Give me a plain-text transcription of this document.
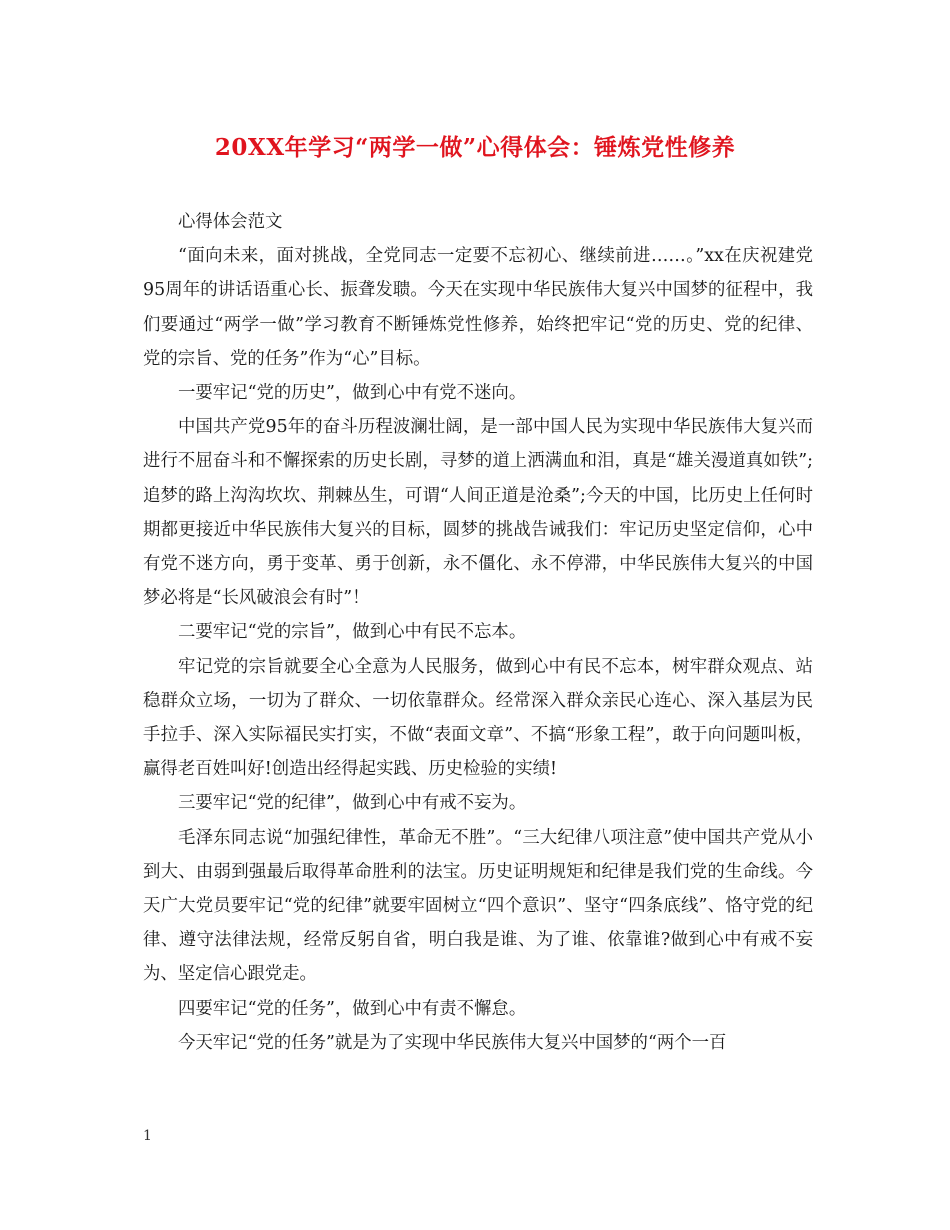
20XX年学习“两学一做”心得体会：锤炼党性修养

心得体会范文

“面向未来，面对挑战，全党同志一定要不忘初心、继续前进……。”xx在庆祝建党95周年的讲话语重心长、振聋发聩。今天在实现中华民族伟大复兴中国梦的征程中，我们要通过“两学一做”学习教育不断锤炼党性修养，始终把牢记“党的历史、党的纪律、党的宗旨、党的任务”作为“心”目标。

一要牢记“党的历史”，做到心中有党不迷向。

中国共产党95年的奋斗历程波澜壮阔，是一部中国人民为实现中华民族伟大复兴而进行不屈奋斗和不懈探索的历史长剧，寻梦的道上洒满血和泪，真是“雄关漫道真如铁”;追梦的路上沟沟坎坎、荆棘丛生，可谓“人间正道是沧桑”;今天的中国，比历史上任何时期都更接近中华民族伟大复兴的目标，圆梦的挑战告诫我们：牢记历史坚定信仰，心中有党不迷方向，勇于变革、勇于创新，永不僵化、永不停滞，中华民族伟大复兴的中国梦必将是“长风破浪会有时”！

二要牢记“党的宗旨”，做到心中有民不忘本。

牢记党的宗旨就要全心全意为人民服务，做到心中有民不忘本，树牢群众观点、站稳群众立场，一切为了群众、一切依靠群众。经常深入群众亲民心连心、深入基层为民手拉手、深入实际福民实打实，不做“表面文章”、不搞“形象工程”，敢于向问题叫板，赢得老百姓叫好!创造出经得起实践、历史检验的实绩!

三要牢记“党的纪律”，做到心中有戒不妄为。

毛泽东同志说“加强纪律性，革命无不胜”。“三大纪律八项注意”使中国共产党从小到大、由弱到强最后取得革命胜利的法宝。历史证明规矩和纪律是我们党的生命线。今天广大党员要牢记“党的纪律”就要牢固树立“四个意识”、坚守“四条底线”、恪守党的纪律、遵守法律法规，经常反躬自省，明白我是谁、为了谁、依靠谁?做到心中有戒不妄为、坚定信心跟党走。

四要牢记“党的任务”，做到心中有责不懈怠。

今天牢记“党的任务”就是为了实现中华民族伟大复兴中国梦的“两个一百

1
